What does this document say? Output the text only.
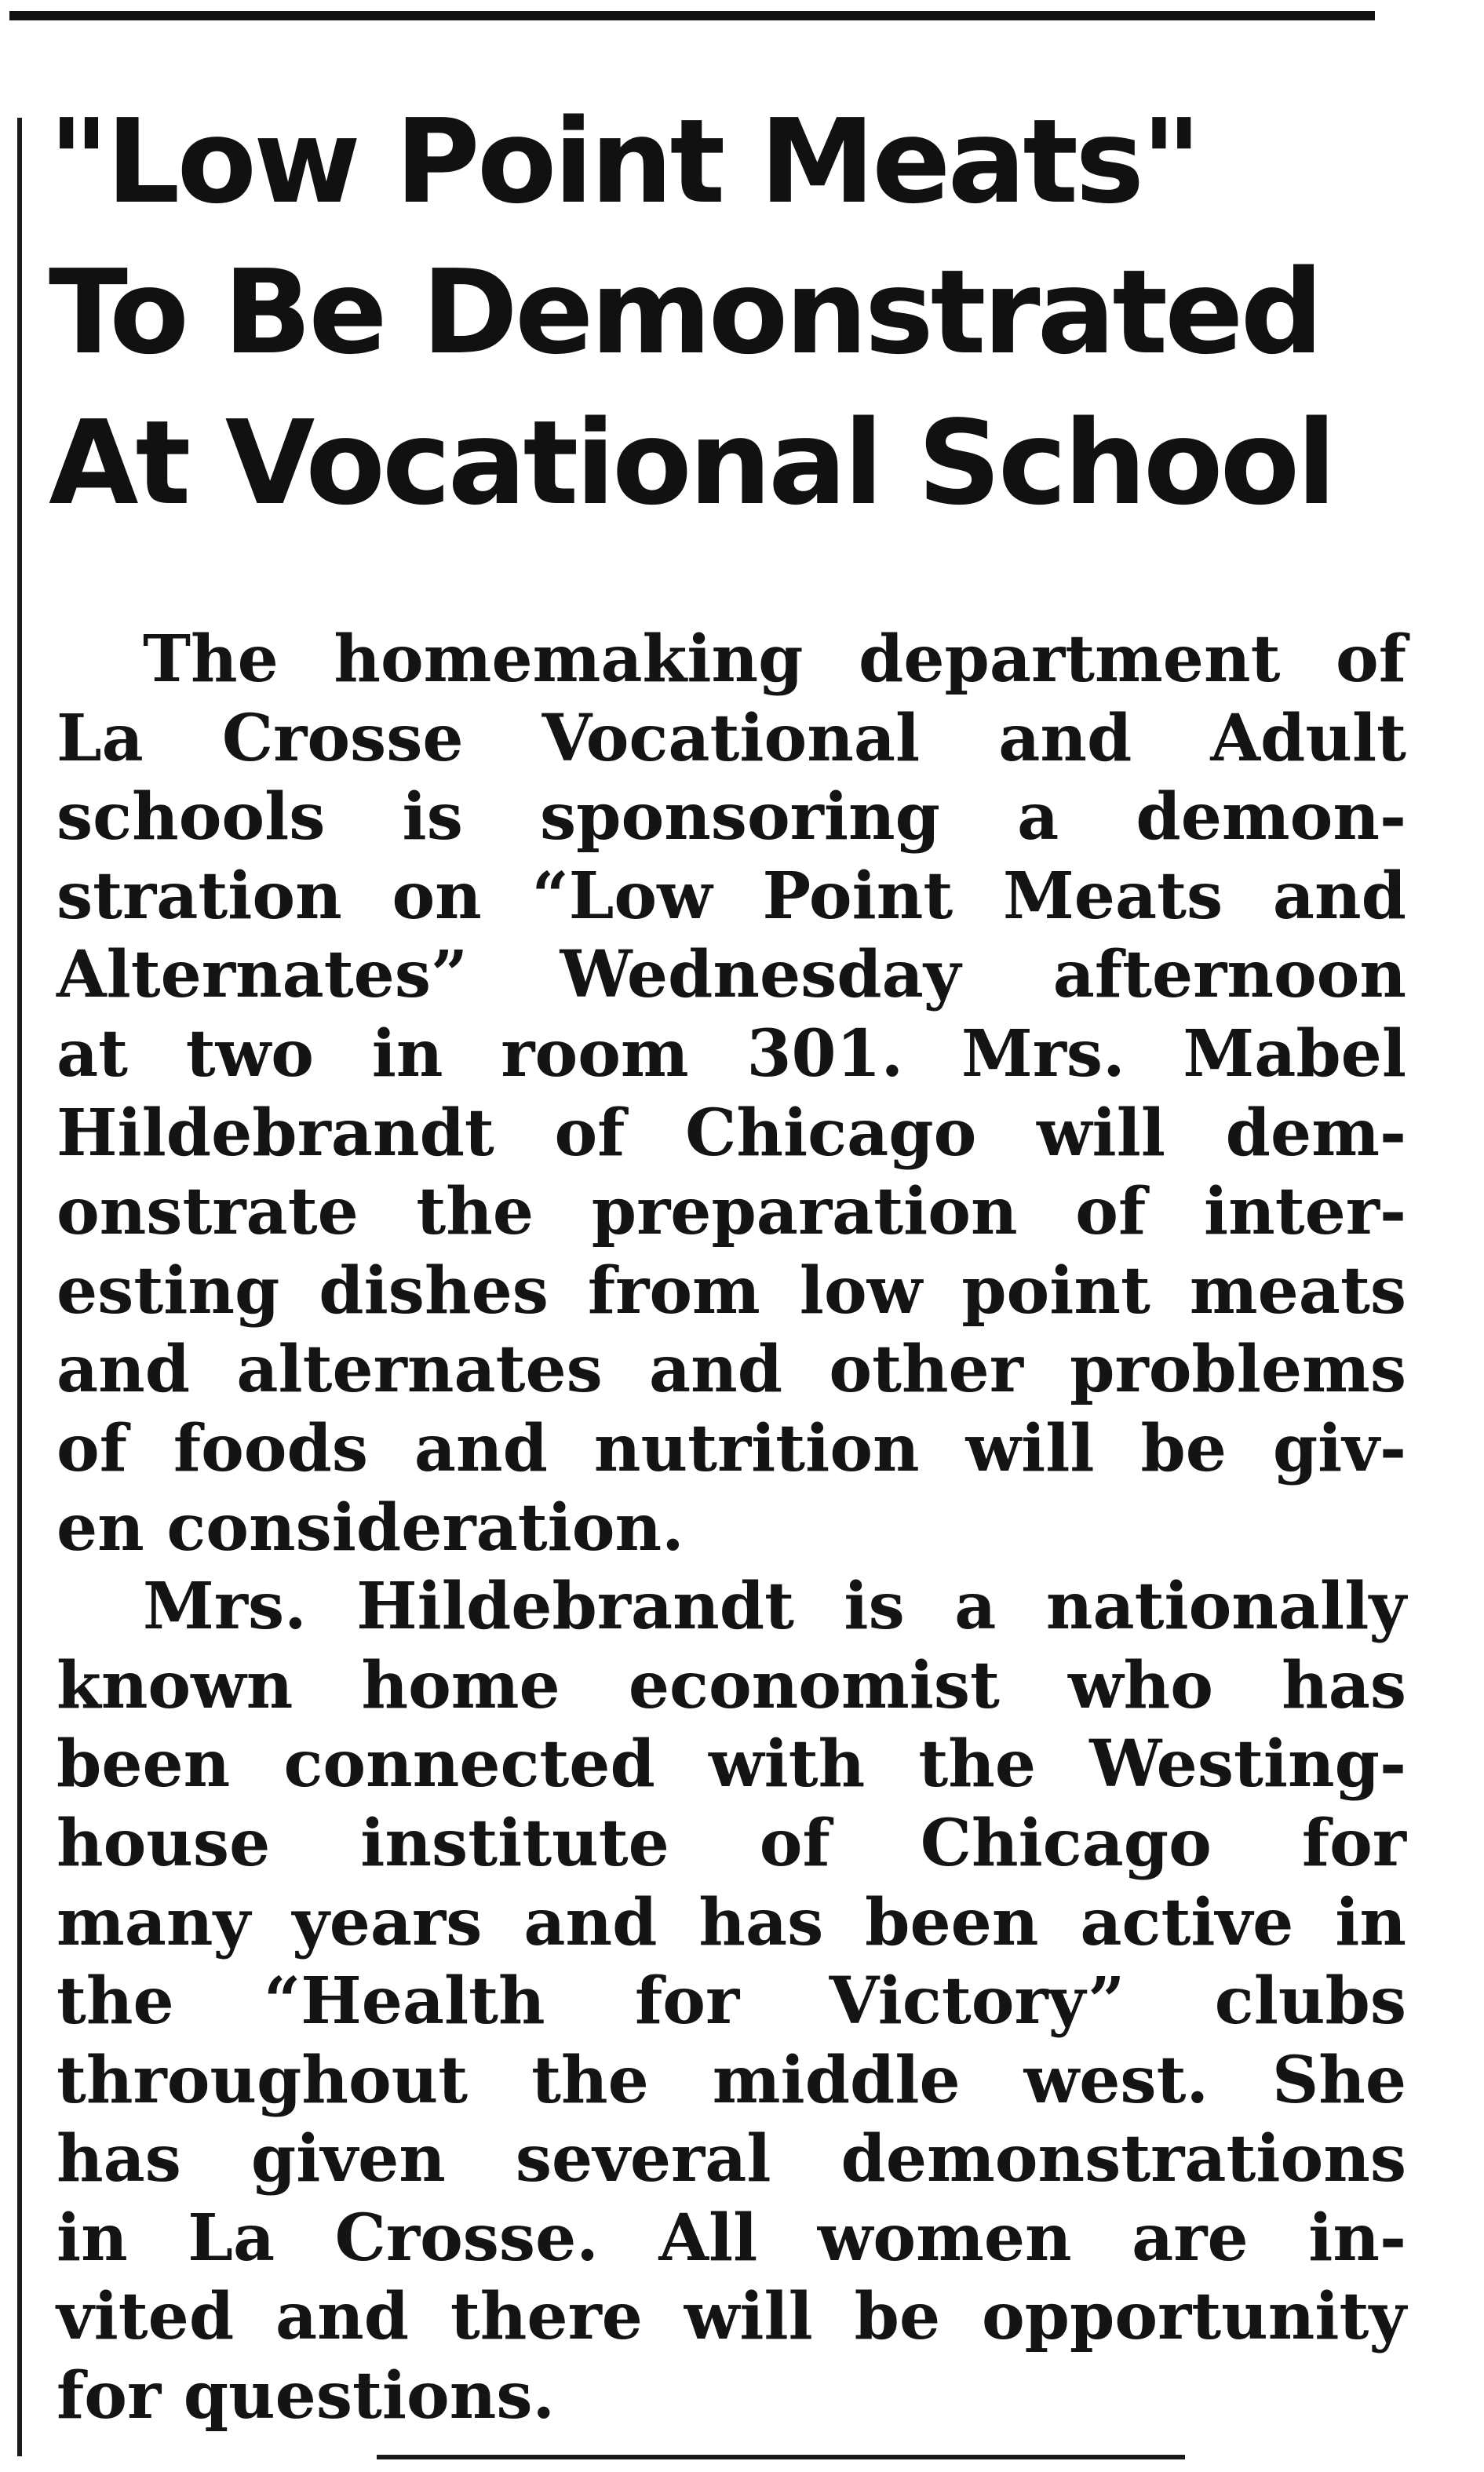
"Low Point Meats"
To Be Demonstrated
At Vocational School
The homemaking department of
La Crosse Vocational and Adult
schools is sponsoring a demon-
stration on “Low Point Meats and
Alternates” Wednesday afternoon
at two in room 301. Mrs. Mabel
Hildebrandt of Chicago will dem-
onstrate the preparation of inter-
esting dishes from low point meats
and alternates and other problems
of foods and nutrition will be giv-
en consideration.
Mrs. Hildebrandt is a nationally
known home economist who has
been connected with the Westing-
house institute of Chicago for
many years and has been active in
the “Health for Victory” clubs
throughout the middle west. She
has given several demonstrations
in La Crosse. All women are in-
vited and there will be opportunity
for questions.
